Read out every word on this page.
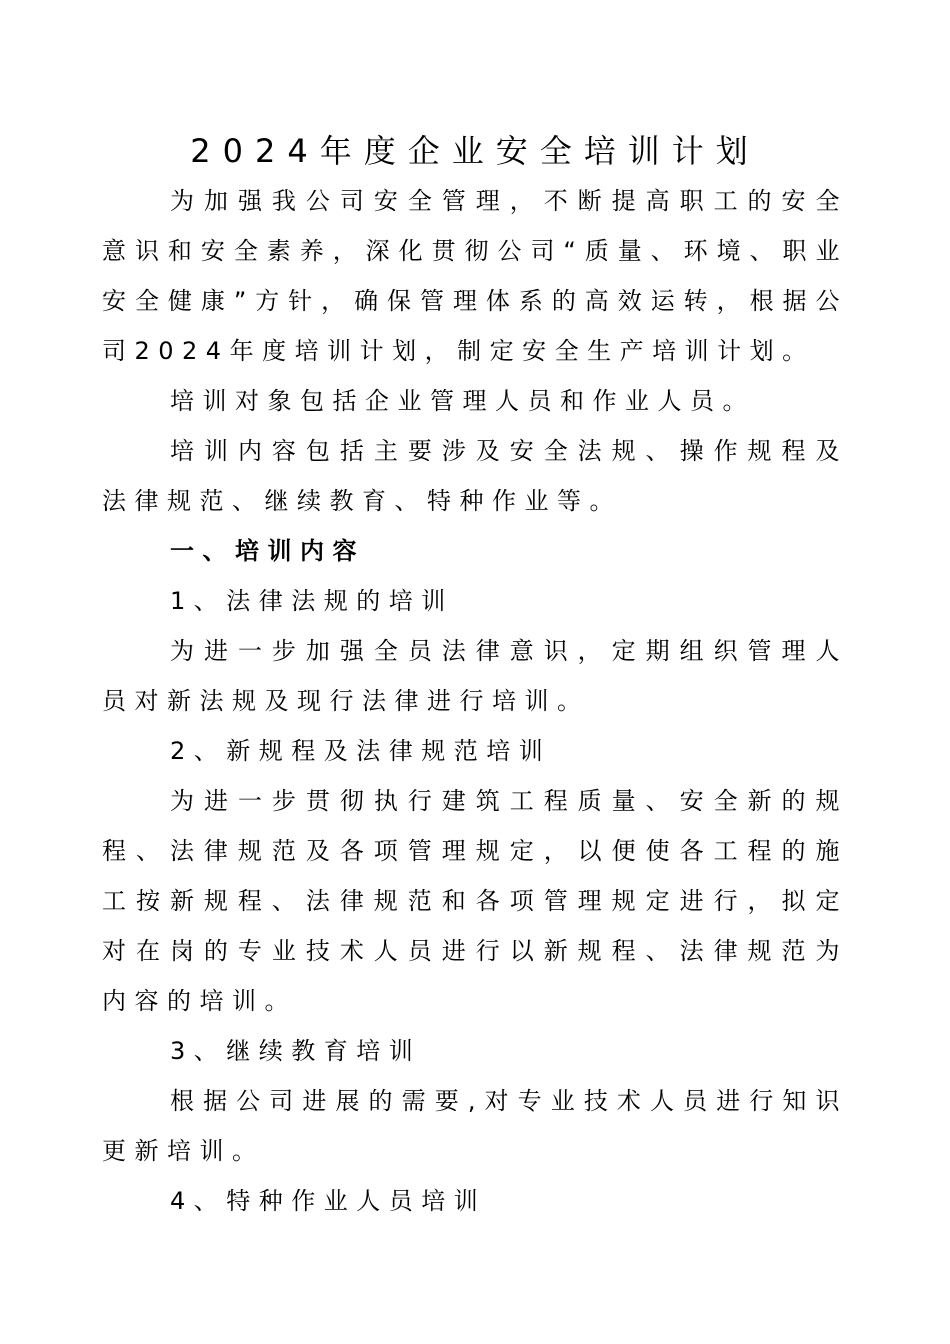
2024年度企业安全培训计划

为加强我公司安全管理，不断提高职工的安全意识和安全素养，深化贯彻公司“质量、环境、职业安全健康”方针，确保管理体系的高效运转，根据公司2024年度培训计划，制定安全生产培训计划。

培训对象包括企业管理人员和作业人员。

培训内容包括主要涉及安全法规、操作规程及法律规范、继续教育、特种作业等。

一、培训内容

1、法律法规的培训

为进一步加强全员法律意识，定期组织管理人员对新法规及现行法律进行培训。

2、新规程及法律规范培训

为进一步贯彻执行建筑工程质量、安全新的规程、法律规范及各项管理规定，以便使各工程的施工按新规程、法律规范和各项管理规定进行，拟定对在岗的专业技术人员进行以新规程、法律规范为内容的培训。

3、继续教育培训

根据公司进展的需要,对专业技术人员进行知识更新培训。

4、特种作业人员培训
